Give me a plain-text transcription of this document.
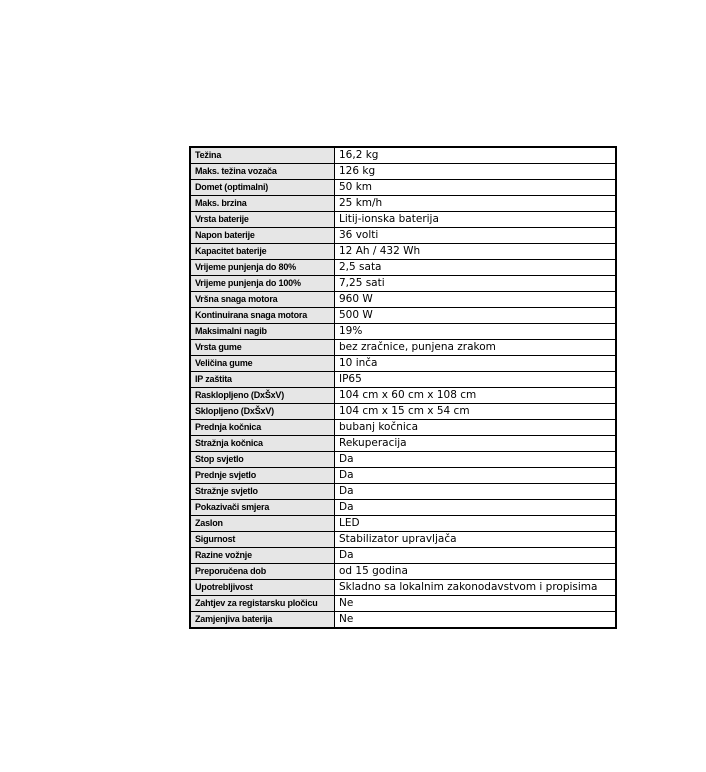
Težina	16,2 kg
Maks. težina vozača	126 kg
Domet (optimalni)	50 km
Maks. brzina	25 km/h
Vrsta baterije	Litij-ionska baterija
Napon baterije	36 volti
Kapacitet baterije	12 Ah / 432 Wh
Vrijeme punjenja do 80%	2,5 sata
Vrijeme punjenja do 100%	7,25 sati
Vršna snaga motora	960 W
Kontinuirana snaga motora	500 W
Maksimalni nagib	19%
Vrsta gume	bez zračnice, punjena zrakom
Veličina gume	10 inča
IP zaštita	IP65
Rasklopljeno (DxŠxV)	104 cm x 60 cm x 108 cm
Sklopljeno (DxŠxV)	104 cm x 15 cm x 54 cm
Prednja kočnica	bubanj kočnica
Stražnja kočnica	Rekuperacija
Stop svjetlo	Da
Prednje svjetlo	Da
Stražnje svjetlo	Da
Pokazivači smjera	Da
Zaslon	LED
Sigurnost	Stabilizator upravljača
Razine vožnje	Da
Preporučena dob	od 15 godina
Upotrebljivost	Skladno sa lokalnim zakonodavstvom i propisima
Zahtjev za registarsku pločicu	Ne
Zamjenjiva baterija	Ne
